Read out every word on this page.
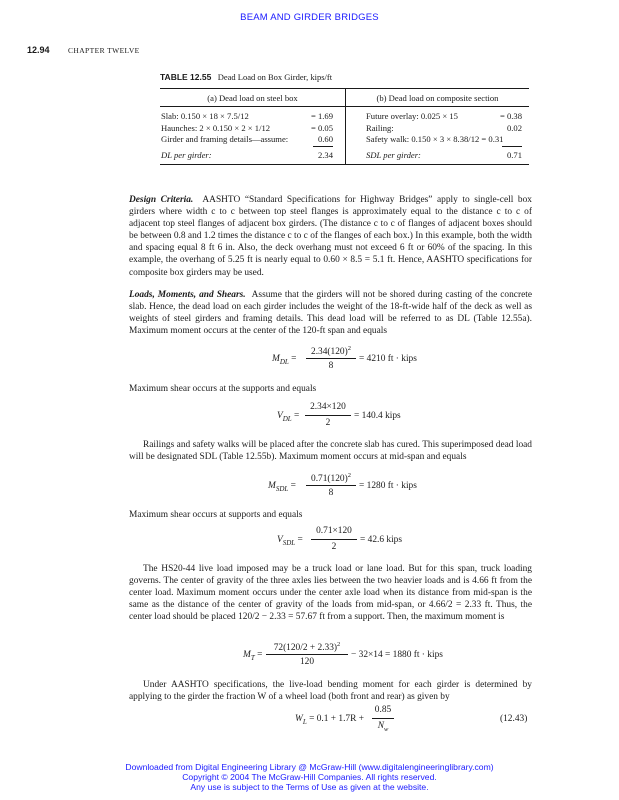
BEAM AND GIRDER BRIDGES
12.94 CHAPTER TWELVE
TABLE 12.55 Dead Load on Box Girder, kips/ft
(a) Dead load on steel box	(b) Dead load on composite section
Slab: 0.150 × 18 × 7.5/12	= 1.69
Haunches: 2 × 0.150 × 2 × 1/12	= 0.05
Girder and framing details—assume:	0.60
DL per girder:	2.34
Future overlay: 0.025 × 15	= 0.38
Railing:	0.02
Safety walk: 0.150 × 3 × 8.38/12 = 0.31
SDL per girder:	0.71
Design Criteria. AASHTO “Standard Specifications for Highway Bridges” apply to single-cell box girders where width c to c between top steel flanges is approximately equal to the distance c to c of adjacent top steel flanges of adjacent box girders. (The distance c to c of flanges of adjacent boxes should be between 0.8 and 1.2 times the distance c to c of the flanges of each box.) In this example, both the width and spacing equal 8 ft 6 in. Also, the deck overhang must not exceed 6 ft or 60% of the spacing. In this example, the overhang of 5.25 ft is nearly equal to 0.60 × 8.5 = 5.1 ft. Hence, AASHTO specifications for composite box girders may be used.
Loads, Moments, and Shears. Assume that the girders will not be shored during casting of the concrete slab. Hence, the dead load on each girder includes the weight of the 18-ft-wide half of the deck as well as weights of steel girders and framing details. This dead load will be referred to as DL (Table 12.55a). Maximum moment occurs at the center of the 120-ft span and equals
$M_{DL}$ =
$2.34(120)^2$
8
= 4210 ft · kips
Maximum shear occurs at the supports and equals
$V_{DL}$ =
2.34×120
2
= 140.4 kips
Railings and safety walks will be placed after the concrete slab has cured. This superimposed dead load will be designated SDL (Table 12.55b). Maximum moment occurs at mid-span and equals
$M_{SDL}$ =
$0.71(120)^2$
8
= 1280 ft · kips
Maximum shear occurs at supports and equals
$V_{SDL}$ =
0.71×120
2
= 42.6 kips
The HS20-44 live load imposed may be a truck load or lane load. But for this span, truck loading governs. The center of gravity of the three axles lies between the two heavier loads and is 4.66 ft from the center load. Maximum moment occurs under the center axle load when its distance from mid-span is the same as the distance of the center of gravity of the loads from mid-span, or 4.66/2 = 2.33 ft. Thus, the center load should be placed 120/2 − 2.33 = 57.67 ft from a support. Then, the maximum moment is
$M_T$ =
$72(120/2 + 2.33)^2$
120
− 32×14 = 1880 ft · kips
Under AASHTO specifications, the live-load bending moment for each girder is determined by applying to the girder the fraction W of a wheel load (both front and rear) as given by
$W_L = 0.1 + 1.7R$ +
0.85
$N_w$
(12.43)
Downloaded from Digital Engineering Library @ McGraw-Hill (www.digitalengineeringlibrary.com)
Copyright © 2004 The McGraw-Hill Companies. All rights reserved.
Any use is subject to the Terms of Use as given at the website.
